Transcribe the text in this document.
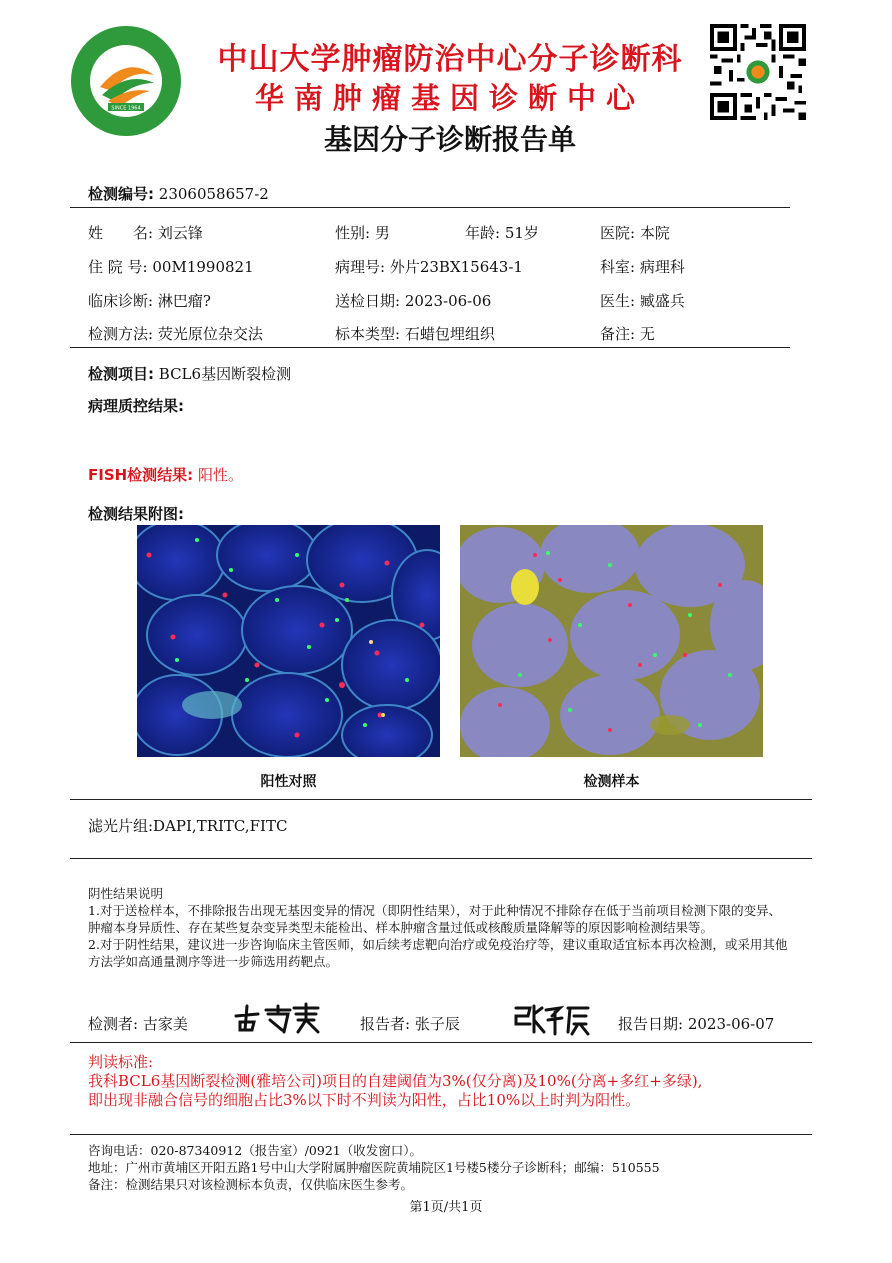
SINCE 1964
中山大学肿瘤防治中心分子诊断科
华南肿瘤基因诊断中心
基因分子诊断报告单
检测编号: 2306058657-2
姓　　名: 刘云锋	性别: 男	年龄: 51岁	医院: 本院
住 院 号: 00M1990821	病理号: 外片23BX15643-1	科室: 病理科
临床诊断: 淋巴瘤?	送检日期: 2023-06-06	医生: 臧盛兵
检测方法: 荧光原位杂交法	标本类型: 石蜡包埋组织	备注: 无
检测项目: BCL6基因断裂检测
病理质控结果:
FISH检测结果: 阳性。
检测结果附图:
阳性对照	检测样本
滤光片组:DAPI,TRITC,FITC
阴性结果说明
1.对于送检样本，不排除报告出现无基因变异的情况（即阴性结果），对于此种情况不排除存在低于当前项目检测下限的变异、肿瘤本身异质性、存在某些复杂变异类型未能检出、样本肿瘤含量过低或核酸质量降解等的原因影响检测结果等。
2.对于阴性结果，建议进一步咨询临床主管医师，如后续考虑靶向治疗或免疫治疗等，建议重取适宜标本再次检测，或采用其他方法学如高通量测序等进一步筛选用药靶点。
检测者: 古家美	报告者: 张子辰	报告日期: 2023-06-07
判读标准:
我科BCL6基因断裂检测(雅培公司)项目的自建阈值为3%(仅分离)及10%(分离+多红+多绿),
即出现非融合信号的细胞占比3%以下时不判读为阳性，占比10%以上时判为阳性。
咨询电话：020-87340912（报告室）/0921（收发窗口）。
地址：广州市黄埔区开阳五路1号中山大学附属肿瘤医院黄埔院区1号楼5楼分子诊断科；邮编：510555
备注：检测结果只对该检测标本负责，仅供临床医生参考。
第1页/共1页
